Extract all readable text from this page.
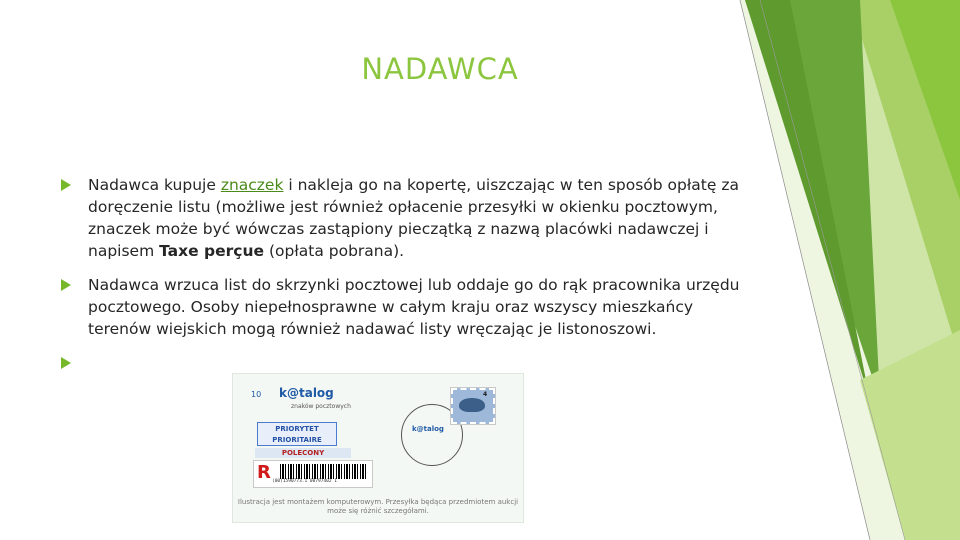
NADAWCA
Nadawca kupuje znaczek i nakleja go na kopertę, uiszczając w ten sposób opłatę za doręczenie listu (możliwe jest również opłacenie przesyłki w okienku pocztowym, znaczek może być wówczas zastąpiony pieczątką z nazwą placówki nadawczej i napisem Taxe perçue (opłata pobrana).
Nadawca wrzuca list do skrzynki pocztowej lub oddaje go do rąk pracownika urzędu pocztowego. Osoby niepełnosprawne w całym kraju oraz wszyscy mieszkańcy terenów wiejskich mogą również nadawać listy wręczając je listonoszowi.
10 k@talog
znaków pocztowych
PRIORYTET
PRIORITAIRE
POLECONY
R (00)1590773.1 00797402 1
k@talog
4
Ilustracja jest montażem komputerowym. Przesyłka będąca przedmiotem aukcji może się różnić szczegółami.
